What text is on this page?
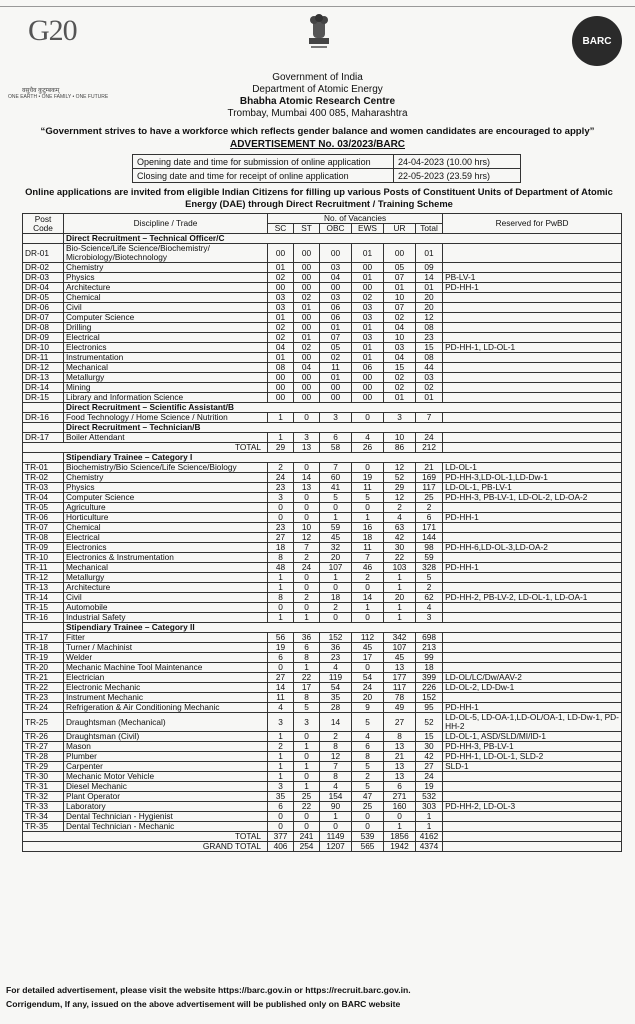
G20
वसुधैव कुटुम्बकम्
ONE EARTH • ONE FAMILY • ONE FUTURE
BARC
Government of India
Department of Atomic Energy
Bhabha Atomic Research Centre
Trombay, Mumbai 400 085, Maharashtra
“Government strives to have a workforce which reflects gender balance and women candidates are encouraged to apply”
ADVERTISEMENT No. 03/2023/BARC
Opening date and time for submission of online application	24-04-2023 (10.00 hrs)
Closing date and time for receipt of online application	22-05-2023 (23.59 hrs)
Online applications are invited from eligible Indian Citizens for filling up various Posts of Constituent Units of Department of Atomic Energy (DAE) through Direct Recruitment / Training Scheme
Post Code	Discipline / Trade	No. of Vacancies						Reserved for PwBD
		SC	ST	OBC	EWS	UR	Total	
	Direct Recruitment – Technical Officer/C							
DR-01	Bio-Science/Life Science/Biochemistry/ Microbiology/Biotechnology	00	00	00	01	00	01	
DR-02	Chemistry	01	00	03	00	05	09	
DR-03	Physics	02	00	04	01	07	14	PB-LV-1
DR-04	Architecture	00	00	00	00	01	01	PD-HH-1
DR-05	Chemical	03	02	03	02	10	20	
DR-06	Civil	03	01	06	03	07	20	
DR-07	Computer Science	01	00	06	03	02	12	
DR-08	Drilling	02	00	01	01	04	08	
DR-09	Electrical	02	01	07	03	10	23	
DR-10	Electronics	04	02	05	01	03	15	PD-HH-1, LD-OL-1
DR-11	Instrumentation	01	00	02	01	04	08	
DR-12	Mechanical	08	04	11	06	15	44	
DR-13	Metallurgy	00	00	01	00	02	03	
DR-14	Mining	00	00	00	00	02	02	
DR-15	Library and Information Science	00	00	00	00	01	01	
	Direct Recruitment – Scientific Assistant/B							
DR-16	Food Technology / Home Science / Nutrition	1	0	3	0	3	7	
	Direct Recruitment – Technician/B							
DR-17	Boiler Attendant	1	3	6	4	10	24	
TOTAL		29	13	58	26	86	212	
	Stipendiary Trainee – Category I							
TR-01	Biochemistry/Bio Science/Life Science/Biology	2	0	7	0	12	21	LD-OL-1
TR-02	Chemistry	24	14	60	19	52	169	PD-HH-3,LD-OL-1,LD-Dw-1
TR-03	Physics	23	13	41	11	29	117	LD-OL-1, PB-LV-1
TR-04	Computer Science	3	0	5	5	12	25	PD-HH-3, PB-LV-1, LD-OL-2, LD-OA-2
TR-05	Agriculture	0	0	0	0	2	2	
TR-06	Horticulture	0	0	1	1	4	6	PD-HH-1
TR-07	Chemical	23	10	59	16	63	171	
TR-08	Electrical	27	12	45	18	42	144	
TR-09	Electronics	18	7	32	11	30	98	PD-HH-6,LD-OL-3,LD-OA-2
TR-10	Electronics & Instrumentation	8	2	20	7	22	59	
TR-11	Mechanical	48	24	107	46	103	328	PD-HH-1
TR-12	Metallurgy	1	0	1	2	1	5	
TR-13	Architecture	1	0	0	0	1	2	
TR-14	Civil	8	2	18	14	20	62	PD-HH-2, PB-LV-2, LD-OL-1, LD-OA-1
TR-15	Automobile	0	0	2	1	1	4	
TR-16	Industrial Safety	1	1	0	0	1	3	
	Stipendiary Trainee – Category II							
TR-17	Fitter	56	36	152	112	342	698	
TR-18	Turner / Machinist	19	6	36	45	107	213	
TR-19	Welder	6	8	23	17	45	99	
TR-20	Mechanic Machine Tool Maintenance	0	1	4	0	13	18	
TR-21	Electrician	27	22	119	54	177	399	LD-OL/LC/Dw/AAV-2
TR-22	Electronic Mechanic	14	17	54	24	117	226	LD-OL-2, LD-Dw-1
TR-23	Instrument Mechanic	11	8	35	20	78	152	
TR-24	Refrigeration & Air Conditioning Mechanic	4	5	28	9	49	95	PD-HH-1
TR-25	Draughtsman (Mechanical)	3	3	14	5	27	52	LD-OL-5, LD-OA-1,LD-OL/OA-1, LD-Dw-1, PD-HH-2
TR-26	Draughtsman (Civil)	1	0	2	4	8	15	LD-OL-1, ASD/SLD/MI/ID-1
TR-27	Mason	2	1	8	6	13	30	PD-HH-3, PB-LV-1
TR-28	Plumber	1	0	12	8	21	42	PD-HH-1, LD-OL-1, SLD-2
TR-29	Carpenter	1	1	7	5	13	27	SLD-1
TR-30	Mechanic Motor Vehicle	1	0	8	2	13	24	
TR-31	Diesel Mechanic	3	1	4	5	6	19	
TR-32	Plant Operator	35	25	154	47	271	532	
TR-33	Laboratory	6	22	90	25	160	303	PD-HH-2, LD-OL-3
TR-34	Dental Technician - Hygienist	0	0	1	0	0	1	
TR-35	Dental Technician - Mechanic	0	0	0	0	1	1	
TOTAL		377	241	1149	539	1856	4162	
GRAND TOTAL		406	254	1207	565	1942	4374	
For detailed advertisement, please visit the website https://barc.gov.in or https://recruit.barc.gov.in.
Corrigendum, If any, issued on the above advertisement will be published only on BARC website
